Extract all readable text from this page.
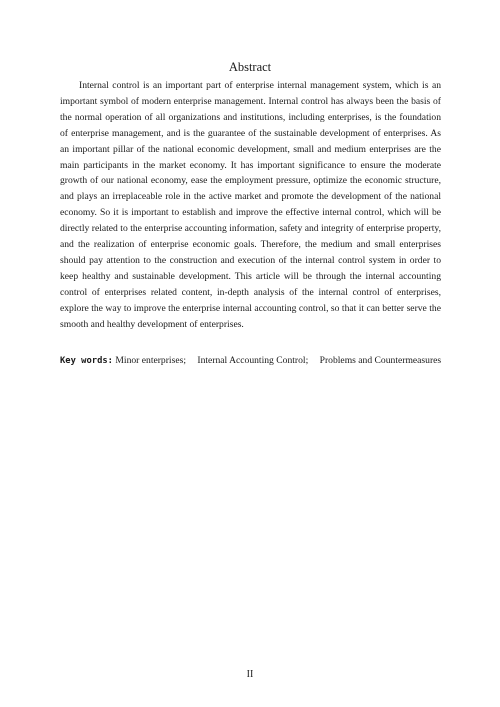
Abstract

Internal control is an important part of enterprise internal management system, which is an important symbol of modern enterprise management. Internal control has always been the basis of the normal operation of all organizations and institutions, including enterprises, is the foundation of enterprise management, and is the guarantee of the sustainable development of enterprises. As an important pillar of the national economic development, small and medium enterprises are the main participants in the market economy. It has important significance to ensure the moderate growth of our national economy, ease the employment pressure, optimize the economic structure, and plays an irreplaceable role in the active market and promote the development of the national economy. So it is important to establish and improve the effective internal control, which will be directly related to the enterprise accounting information, safety and integrity of enterprise property, and the realization of enterprise economic goals. Therefore, the medium and small enterprises should pay attention to the construction and execution of the internal control system in order to keep healthy and sustainable development. This article will be through the internal accounting control of enterprises related content, in-depth analysis of the internal control of enterprises, explore the way to improve the enterprise internal accounting control, so that it can better serve the smooth and healthy development of enterprises.

Key words: Minor enterprises; Internal Accounting Control; Problems and Countermeasures
II
